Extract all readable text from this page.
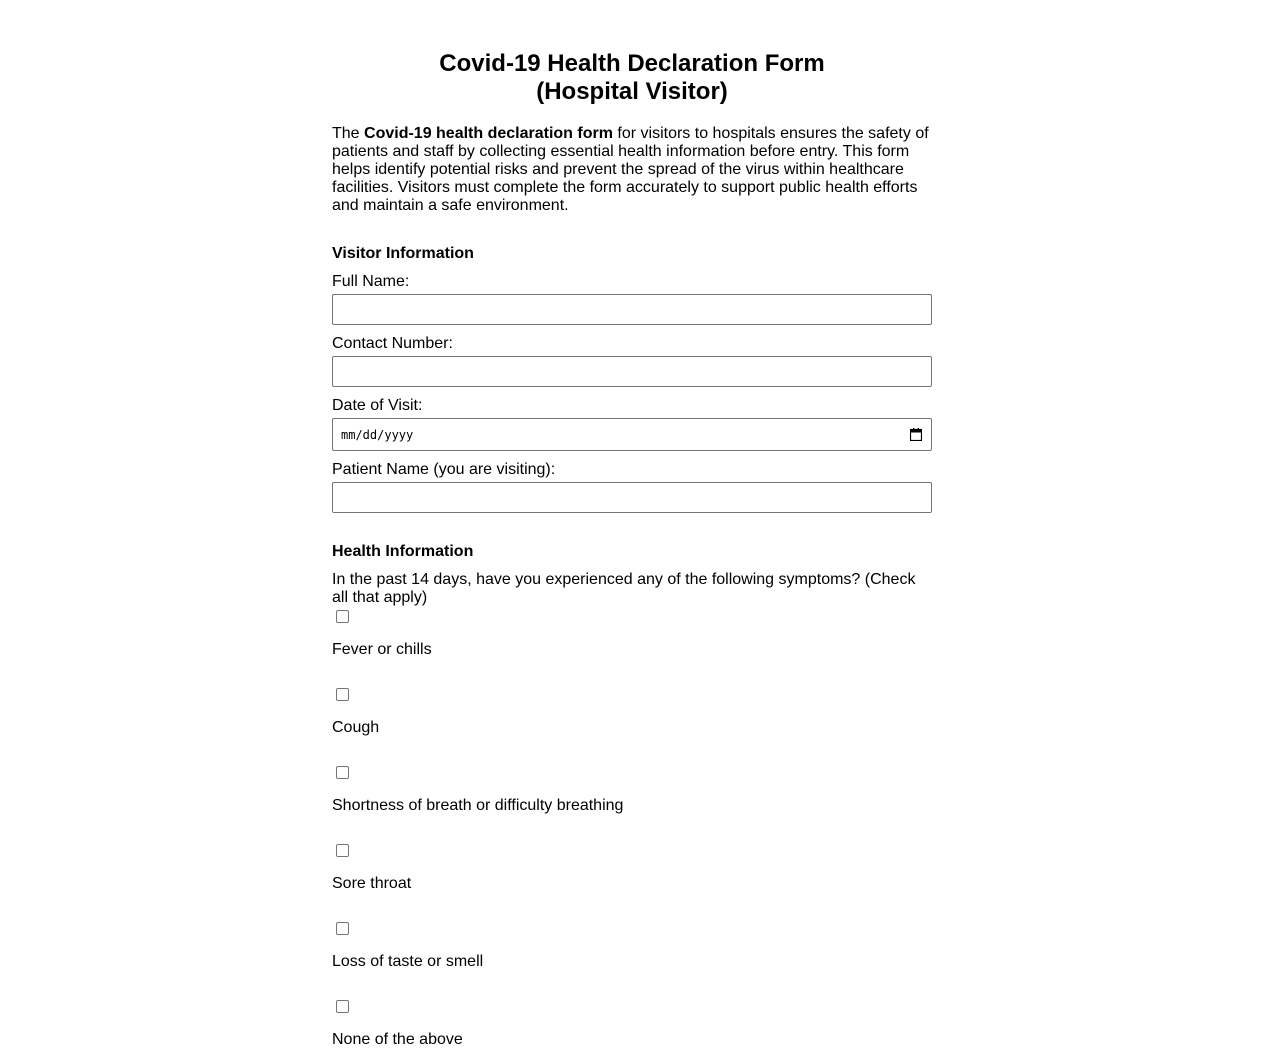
Covid-19 Health Declaration Form
(Hospital Visitor)

The Covid-19 health declaration form for visitors to hospitals ensures the safety of patients and staff by collecting essential health information before entry. This form helps identify potential risks and prevent the spread of the virus within healthcare facilities. Visitors must complete the form accurately to support public health efforts and maintain a safe environment.

Visitor Information
Full Name:
Contact Number:
Date of Visit:
mm/dd/yyyy
Patient Name (you are visiting):
Health Information
In the past 14 days, have you experienced any of the following symptoms? (Check all that apply)
Fever or chills
Cough
Shortness of breath or difficulty breathing
Sore throat
Loss of taste or smell
None of the above
